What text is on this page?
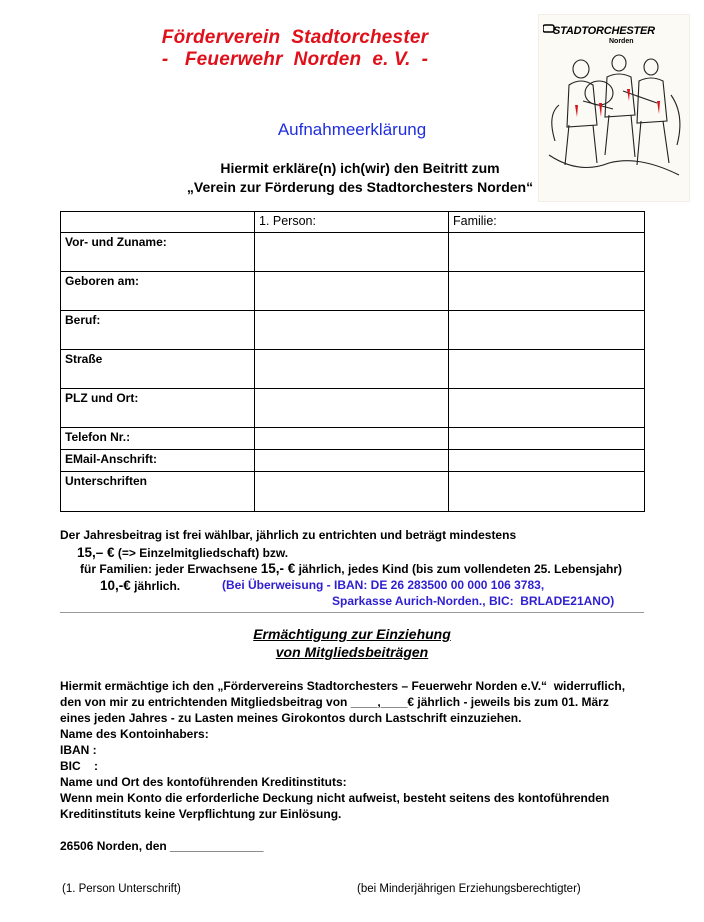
Förderverein  Stadtorchester
-   Feuerwehr  Norden  e. V.  -
STADTORCHESTER
Norden
Aufnahmeerklärung
Hiermit erkläre(n) ich(wir) den Beitritt zum
„Verein zur Förderung des Stadtorchesters Norden“
	1. Person:	Familie:
Vor- und Zuname:		
Geboren am:		
Beruf:		
Straße		
PLZ und Ort:		
Telefon Nr.:		
EMail-Anschrift:		
Unterschriften		
Der Jahresbeitrag ist frei wählbar, jährlich zu entrichten und beträgt mindestens
15,– € (=> Einzelmitgliedschaft) bzw.
für Familien: jeder Erwachsene 15,- € jährlich, jedes Kind (bis zum vollendeten 25. Lebensjahr)
10,-€ jährlich.	(Bei Überweisung - IBAN: DE 26 283500 00 000 106 3783,
Sparkasse Aurich-Norden., BIC:  BRLADE21ANO)
Ermächtigung zur Einziehung
von Mitgliedsbeiträgen
Hiermit ermächtige ich den „Fördervereins Stadtorchesters – Feuerwehr Norden e.V.“  widerruflich,
den von mir zu entrichtenden Mitgliedsbeitrag von ____,____€ jährlich - jeweils bis zum 01. März
eines jeden Jahres - zu Lasten meines Girokontos durch Lastschrift einzuziehen.
Name des Kontoinhabers:
IBAN :
BIC    :
Name und Ort des kontoführenden Kreditinstituts:
Wenn mein Konto die erforderliche Deckung nicht aufweist, besteht seitens des kontoführenden
Kreditinstituts keine Verpflichtung zur Einlösung.
26506 Norden, den ______________
(1. Person Unterschrift)	(bei Minderjährigen Erziehungsberechtigter)
